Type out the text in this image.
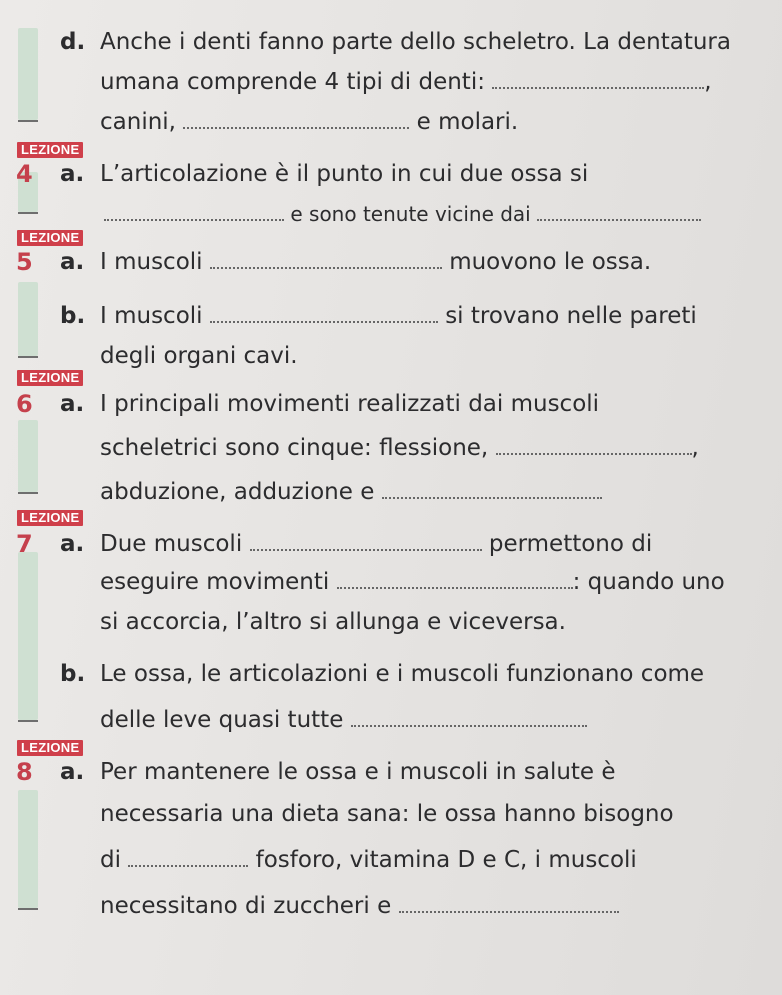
d. Anche i denti fanno parte dello scheletro. La dentatura
umana comprende 4 tipi di denti:	,
canini,	e molari.
LEZIONE
4 a. L’articolazione è il punto in cui due ossa si
e sono tenute vicine dai
LEZIONE
5 a. I muscoli	muovono le ossa.
b. I muscoli	si trovano nelle pareti
degli organi cavi.
LEZIONE
6 a. I principali movimenti realizzati dai muscoli
scheletrici sono cinque: flessione,	,
abduzione, adduzione e
LEZIONE
7 a. Due muscoli	permettono di
eseguire movimenti	: quando uno
si accorcia, l’altro si allunga e viceversa.
b. Le ossa, le articolazioni e i muscoli funzionano come
delle leve quasi tutte
LEZIONE
8 a. Per mantenere le ossa e i muscoli in salute è
necessaria una dieta sana: le ossa hanno bisogno
di	fosforo, vitamina D e C, i muscoli
necessitano di zuccheri e
